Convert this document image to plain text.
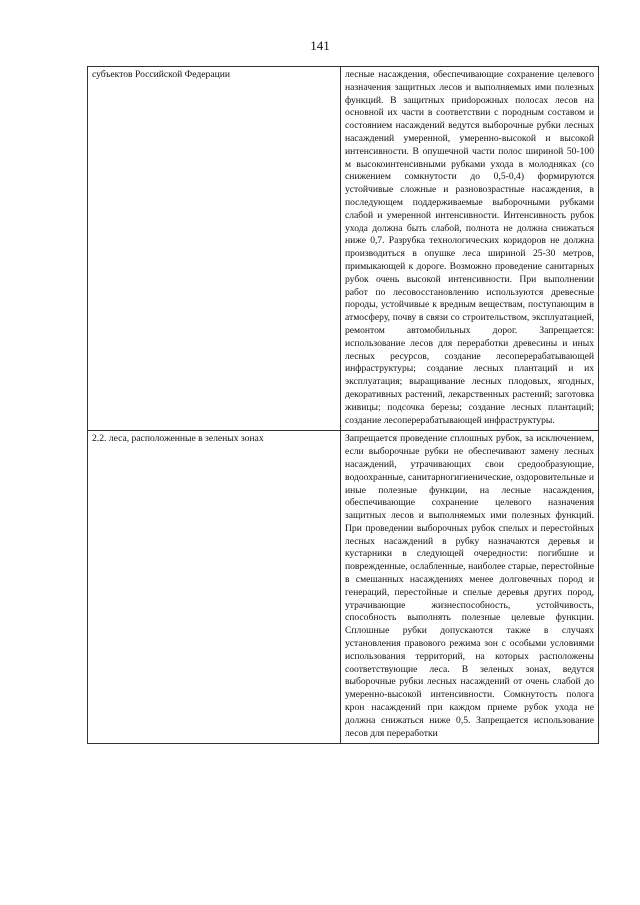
141
субъектов Российской Федерации	лесные насаждения, обеспечивающие сохранение целевого назначения защитных лесов и выполняемых ими полезных функций. В защитных приdорожных полосах лесов на основной их части в соответствии с породным составом и состоянием насаждений ведутся выборочные рубки лесных насаждений умеренной, умеренно-высокой и высокой интенсивности. В опушечной части полос шириной 50-100 м высокоинтенсивными рубками ухода в молодняках (со снижением сомкнутости до 0,5-0,4) формируются устойчивые сложные и разновозрастные насаждения, в последующем поддерживаемые выборочными рубками слабой и умеренной интенсивности. Интенсивность рубок ухода должна быть слабой, полнота не должна снижаться ниже 0,7. Разрубка технологических коридоров не должна производиться в опушке леса шириной 25-30 метров, примыкающей к дороге. Возможно проведение санитарных рубок очень высокой интенсивности. При выполнении работ по лесовосстановлению используются древесные породы, устойчивые к вредным веществам, поступающим в атмосферу, почву в связи со строительством, эксплуатацией, ремонтом автомобильных дорог. Запрещается: использование лесов для переработки древесины и иных лесных ресурсов, создание лесоперерабатывающей инфраструктуры; создание лесных плантаций и их эксплуатация; выращивание лесных плодовых, ягодных, декоративных растений, лекарственных растений; заготовка живицы; подсочка березы; создание лесных плантаций; создание лесоперерабатывающей инфраструктуры.

2.2. леса, расположенные в зеленых зонах	Запрещается проведение сплошных рубок, за исключением, если выборочные рубки не обеспечивают замену лесных насаждений, утрачивающих свои средообразующие, водоохранные, санитарногигиенические, оздоровительные и иные полезные функции, на лесные насаждения, обеспечивающие сохранение целевого назначения защитных лесов и выполняемых ими полезных функций. При проведении выборочных рубок спелых и перестойных лесных насаждений в рубку назначаются деревья и кустарники в следующей очередности: погибшие и поврежденные, ослабленные, наиболее старые, перестойные в смешанных насаждениях менее долговечных пород и генераций, перестойные и спелые деревья других пород, утрачивающие жизнеспособность, устойчивость, способность выполнять полезные целевые функции. Сплошные рубки допускаются также в случаях установления правового режима зон с особыми условиями использования территорий, на которых расположены соответствующие леса. В зеленых зонах, ведутся выборочные рубки лесных насаждений от очень слабой до умеренно-высокой интенсивности. Сомкнутость полога крон насаждений при каждом приеме рубок ухода не должна снижаться ниже 0,5. Запрещается использование лесов для переработки
